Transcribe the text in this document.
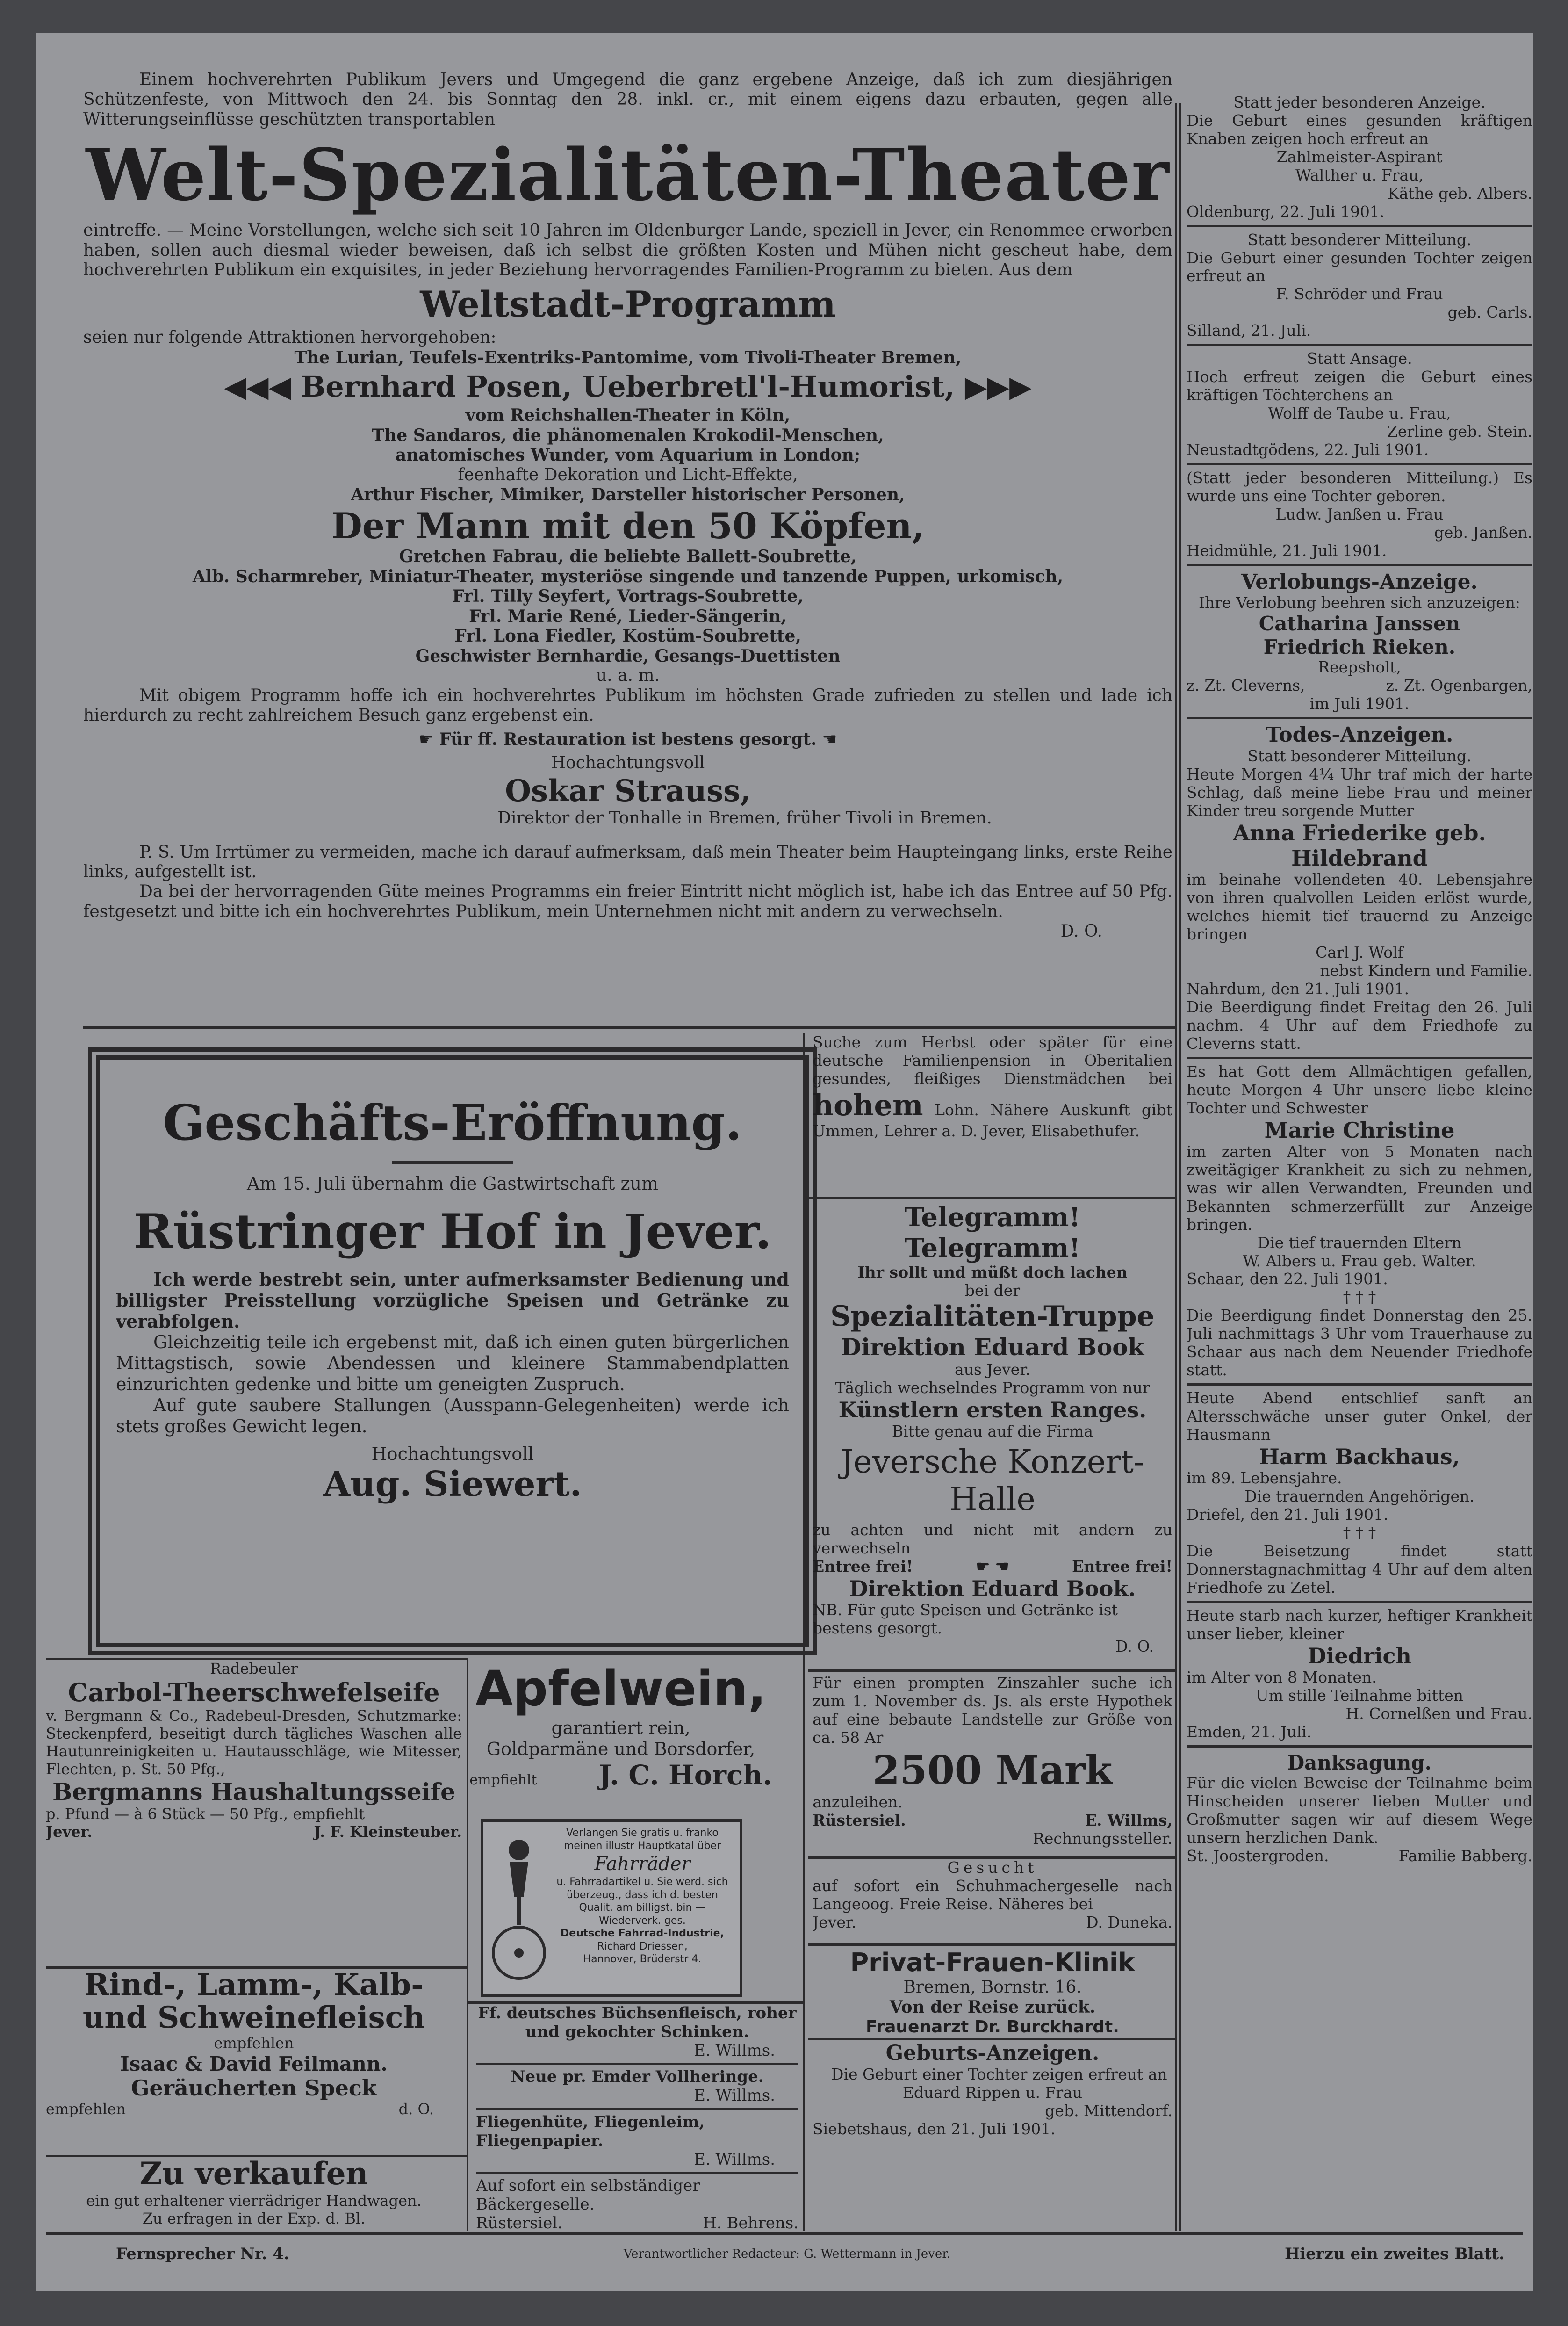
Einem hochverehrten Publikum Jevers und Umgegend die ganz ergebene Anzeige, daß ich zum diesjährigen Schützenfeste, von Mittwoch den 24. bis Sonntag den 28. inkl. cr., mit einem eigens dazu erbauten, gegen alle Witterungseinflüsse geschützten transportablen

Welt-Spezialitäten-Theater

eintreffe. — Meine Vorstellungen, welche sich seit 10 Jahren im Oldenburger Lande, speziell in Jever, ein Renommee erworben haben, sollen auch diesmal wieder beweisen, daß ich selbst die größten Kosten und Mühen nicht gescheut habe, dem hochverehrten Publikum ein exquisites, in jeder Beziehung hervorragendes Familien-Programm zu bieten. Aus dem

Weltstadt-Programm

seien nur folgende Attraktionen hervorgehoben:

The Lurian, Teufels-Exentriks-Pantomime, vom Tivoli-Theater Bremen,
◀◀◀ Bernhard Posen, Ueberbretl'l-Humorist, ▶▶▶
vom Reichshallen-Theater in Köln,
The Sandaros, die phänomenalen Krokodil-Menschen,
anatomisches Wunder, vom Aquarium in London;
feenhafte Dekoration und Licht-Effekte,
Arthur Fischer, Mimiker, Darsteller historischer Personen,
Der Mann mit den 50 Köpfen,
Gretchen Fabrau, die beliebte Ballett-Soubrette,
Alb. Scharmreber, Miniatur-Theater, mysteriöse singende und tanzende Puppen, urkomisch,
Frl. Tilly Seyfert, Vortrags-Soubrette,
Frl. Marie René, Lieder-Sängerin,
Frl. Lona Fiedler, Kostüm-Soubrette,
Geschwister Bernhardie, Gesangs-Duettisten
u. a. m.

Mit obigem Programm hoffe ich ein hochverehrtes Publikum im höchsten Grade zufrieden zu stellen und lade ich hierdurch zu recht zahlreichem Besuch ganz ergebenst ein.

☛ Für ff. Restauration ist bestens gesorgt. ☚
Hochachtungsvoll
Oskar Strauss,
Direktor der Tonhalle in Bremen, früher Tivoli in Bremen.

P. S. Um Irrtümer zu vermeiden, mache ich darauf aufmerksam, daß mein Theater beim Haupteingang links, erste Reihe links, aufgestellt ist.

Da bei der hervorragenden Güte meines Programms ein freier Eintritt nicht möglich ist, habe ich das Entree auf 50 Pfg. festgesetzt und bitte ich ein hochverehrtes Publikum, mein Unternehmen nicht mit andern zu verwechseln.

D. O.
Geschäfts-Eröffnung.
Am 15. Juli übernahm die Gastwirtschaft zum
Rüstringer Hof in Jever.

Ich werde bestrebt sein, unter aufmerksamster Bedienung und billigster Preisstellung vorzügliche Speisen und Getränke zu verabfolgen.

Gleichzeitig teile ich ergebenst mit, daß ich einen guten bürgerlichen Mittagstisch, sowie Abendessen und kleinere Stammabendplatten einzurichten gedenke und bitte um geneigten Zuspruch.

Auf gute saubere Stallungen (Ausspann-Gelegenheiten) werde ich stets großes Gewicht legen.

Hochachtungsvoll
Aug. Siewert.

Suche zum Herbst oder später für eine deutsche Familienpension in Oberitalien gesundes, fleißiges Dienstmädchen bei hohem Lohn. Nähere Auskunft gibt Ummen, Lehrer a. D. Jever, Elisabethufer.

Telegramm! Telegramm!
Ihr sollt und müßt doch lachen
bei der
Spezialitäten-Truppe
Direktion Eduard Book
aus Jever.
Täglich wechselndes Programm von nur
Künstlern ersten Ranges.
Bitte genau auf die Firma
Jeversche Konzert-Halle
zu achten und nicht mit andern zu verwechseln
Entree frei!	☛ ☚	Entree frei!
Direktion Eduard Book.
NB. Für gute Speisen und Getränke ist bestens gesorgt.
D. O.

Für einen prompten Zinszahler suche ich zum 1. November ds. Js. als erste Hypothek auf eine bebaute Landstelle zur Größe von ca. 58 Ar

2500 Mark
anzuleihen.
Rüstersiel.	E. Willms,
Rechnungssteller.
Gesucht

auf sofort ein Schuhmachergeselle nach Langeoog. Freie Reise. Näheres bei

Jever.	D. Duneka.
Privat-Frauen-Klinik
Bremen, Bornstr. 16.
Von der Reise zurück.
Frauenarzt Dr. Burckhardt.
Geburts-Anzeigen.

Die Geburt einer Tochter zeigen erfreut an

Eduard Rippen u. Frau
geb. Mittendorf.
Siebetshaus, den 21. Juli 1901.
Radebeuler
Carbol-Theerschwefelseife

v. Bergmann & Co., Radebeul-Dresden, Schutzmarke: Steckenpferd, beseitigt durch tägliches Waschen alle Hautunreinigkeiten u. Hautausschläge, wie Mitesser, Flechten, p. St. 50 Pfg.,

Bergmanns Haushaltungsseife

p. Pfund — à 6 Stück — 50 Pfg., empfiehlt

Jever.	J. F. Kleinsteuber.
Rind-, Lamm-, Kalb- und Schweinefleisch
empfehlen
Isaac & David Feilmann.
Geräucherten Speck
empfehlen	d. O.
Zu verkaufen
ein gut erhaltener vierrädriger Handwagen.
Zu erfragen in der Exp. d. Bl.
Apfelwein,
garantiert rein,
Goldparmäne und Borsdorfer,
empfiehlt J. C. Horch.
Verlangen Sie gratis u. franko meinen illustr Hauptkatal über
Fahrräder
u. Fahrradartikel u. Sie werd. sich überzeug., dass ich d. besten Qualit. am billigst. bin — Wiederverk. ges.
Deutsche Fahrrad-Industrie,
Richard Driessen,
Hannover, Brüderstr 4.
Ff. deutsches Büchsenfleisch, roher und gekochter Schinken.
E. Willms.
Neue pr. Emder Vollheringe.
E. Willms.
Fliegenhüte, Fliegenleim, Fliegenpapier.
E. Willms.
Auf sofort ein selbständiger Bäckergeselle.
Rüstersiel.	H. Behrens.
Statt jeder besonderen Anzeige.

Die Geburt eines gesunden kräftigen Knaben zeigen hoch erfreut an

Zahlmeister-Aspirant
Walther u. Frau,
Käthe geb. Albers.
Oldenburg, 22. Juli 1901.
Statt besonderer Mitteilung.

Die Geburt einer gesunden Tochter zeigen erfreut an

F. Schröder und Frau
geb. Carls.
Silland, 21. Juli.
Statt Ansage.

Hoch erfreut zeigen die Geburt eines kräftigen Töchterchens an

Wolff de Taube u. Frau,
Zerline geb. Stein.
Neustadtgödens, 22. Juli 1901.

(Statt jeder besonderen Mitteilung.) Es wurde uns eine Tochter geboren.

Ludw. Janßen u. Frau
geb. Janßen.
Heidmühle, 21. Juli 1901.
Verlobungs-Anzeige.
Ihre Verlobung beehren sich anzuzeigen:
Catharina Janssen
Friedrich Rieken.
Reepsholt,
z. Zt. Cleverns,	z. Zt. Ogenbargen,
im Juli 1901.
Todes-Anzeigen.
Statt besonderer Mitteilung.

Heute Morgen 4¼ Uhr traf mich der harte Schlag, daß meine liebe Frau und meiner Kinder treu sorgende Mutter

Anna Friederike geb. Hildebrand

im beinahe vollendeten 40. Lebensjahre von ihren qualvollen Leiden erlöst wurde, welches hiemit tief trauernd zu Anzeige bringen

Carl J. Wolf
nebst Kindern und Familie.
Nahrdum, den 21. Juli 1901.

Die Beerdigung findet Freitag den 26. Juli nachm. 4 Uhr auf dem Friedhofe zu Cleverns statt.

Es hat Gott dem Allmächtigen gefallen, heute Morgen 4 Uhr unsere liebe kleine Tochter und Schwester

Marie Christine

im zarten Alter von 5 Monaten nach zweitägiger Krankheit zu sich zu nehmen, was wir allen Verwandten, Freunden und Bekannten schmerzerfüllt zur Anzeige bringen.

Die tief trauernden Eltern
W. Albers u. Frau geb. Walter.
Schaar, den 22. Juli 1901.
† † †

Die Beerdigung findet Donnerstag den 25. Juli nachmittags 3 Uhr vom Trauerhause zu Schaar aus nach dem Neuender Friedhofe statt.

Heute Abend entschlief sanft an Altersschwäche unser guter Onkel, der Hausmann

Harm Backhaus,
im 89. Lebensjahre.
Die trauernden Angehörigen.
Driefel, den 21. Juli 1901.
† † †

Die Beisetzung findet statt Donnerstagnachmittag 4 Uhr auf dem alten Friedhofe zu Zetel.

Heute starb nach kurzer, heftiger Krankheit unser lieber, kleiner

Diedrich
im Alter von 8 Monaten.
Um stille Teilnahme bitten
H. Cornelßen und Frau.
Emden, 21. Juli.
Danksagung.

Für die vielen Beweise der Teilnahme beim Hinscheiden unserer lieben Mutter und Großmutter sagen wir auf diesem Wege unsern herzlichen Dank.

St. Joostergroden.	Familie Babberg.
Fernsprecher Nr. 4.	Verantwortlicher Redacteur: G. Wettermann in Jever.	Hierzu ein zweites Blatt.
